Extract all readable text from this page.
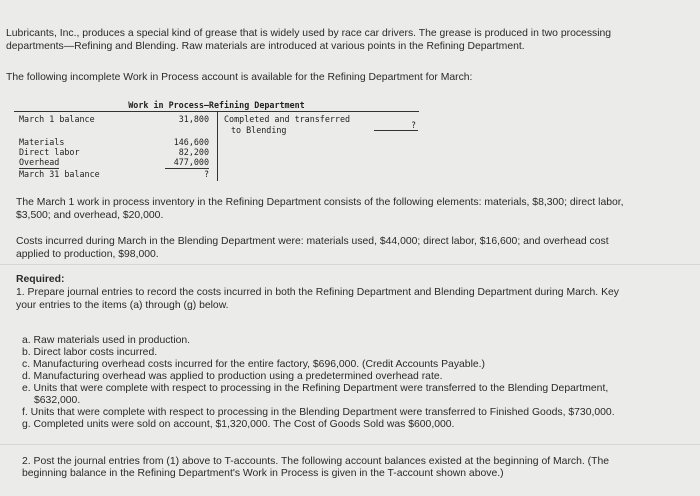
Lubricants, Inc., produces a special kind of grease that is widely used by race car drivers. The grease is produced in two processing

departments—Refining and Blending. Raw materials are introduced at various points in the Refining Department.

The following incomplete Work in Process account is available for the Refining Department for March:

Work in Process—Refining Department
March 1 balance	31,800
Materials	146,600
Direct labor	82,200
Overhead	477,000
March 31 balance	?
Completed and transferred
to Blending	?

The March 1 work in process inventory in the Refining Department consists of the following elements: materials, $8,300; direct labor,

$3,500; and overhead, $20,000.

Costs incurred during March in the Blending Department were: materials used, $44,000; direct labor, $16,600; and overhead cost

applied to production, $98,000.

Required:

1. Prepare journal entries to record the costs incurred in both the Refining Department and Blending Department during March. Key

your entries to the items (a) through (g) below.

a. Raw materials used in production.

b. Direct labor costs incurred.

c. Manufacturing overhead costs incurred for the entire factory, $696,000. (Credit Accounts Payable.)

d. Manufacturing overhead was applied to production using a predetermined overhead rate.

e. Units that were complete with respect to processing in the Refining Department were transferred to the Blending Department,

$632,000.

f. Units that were complete with respect to processing in the Blending Department were transferred to Finished Goods, $730,000.

g. Completed units were sold on account, $1,320,000. The Cost of Goods Sold was $600,000.

2. Post the journal entries from (1) above to T-accounts. The following account balances existed at the beginning of March. (The

beginning balance in the Refining Department's Work in Process is given in the T-account shown above.)
